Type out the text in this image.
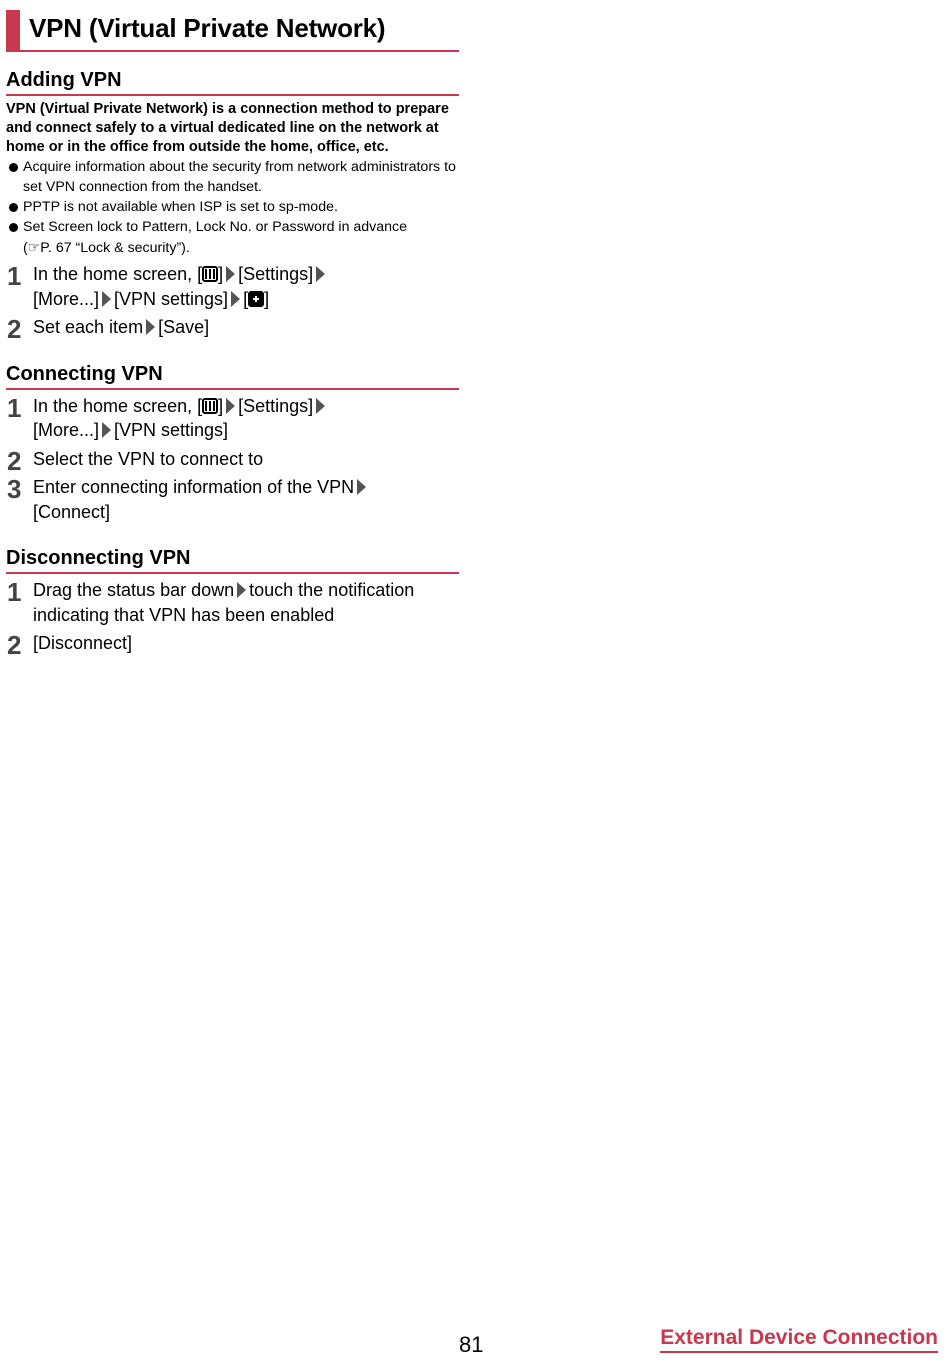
VPN (Virtual Private Network)
Adding VPN
VPN (Virtual Private Network) is a connection method to prepare and connect safely to a virtual dedicated line on the network at home or in the office from outside the home, office, etc.
Acquire information about the security from network administrators to set VPN connection from the handset.
PPTP is not available when ISP is set to sp-mode.
Set Screen lock to Pattern, Lock No. or Password in advance
(☞P. 67 “Lock & security”).
1 In the home screen, [ ] [Settings]
[More...] [VPN settings] [ ]
2 Set each item [Save]
Connecting VPN
1 In the home screen, [ ] [Settings]
[More...] [VPN settings]
2 Select the VPN to connect to
3 Enter connecting information of the VPN
[Connect]
Disconnecting VPN
1 Drag the status bar down touch the notification indicating that VPN has been enabled
2 [Disconnect]
81	External Device Connection
